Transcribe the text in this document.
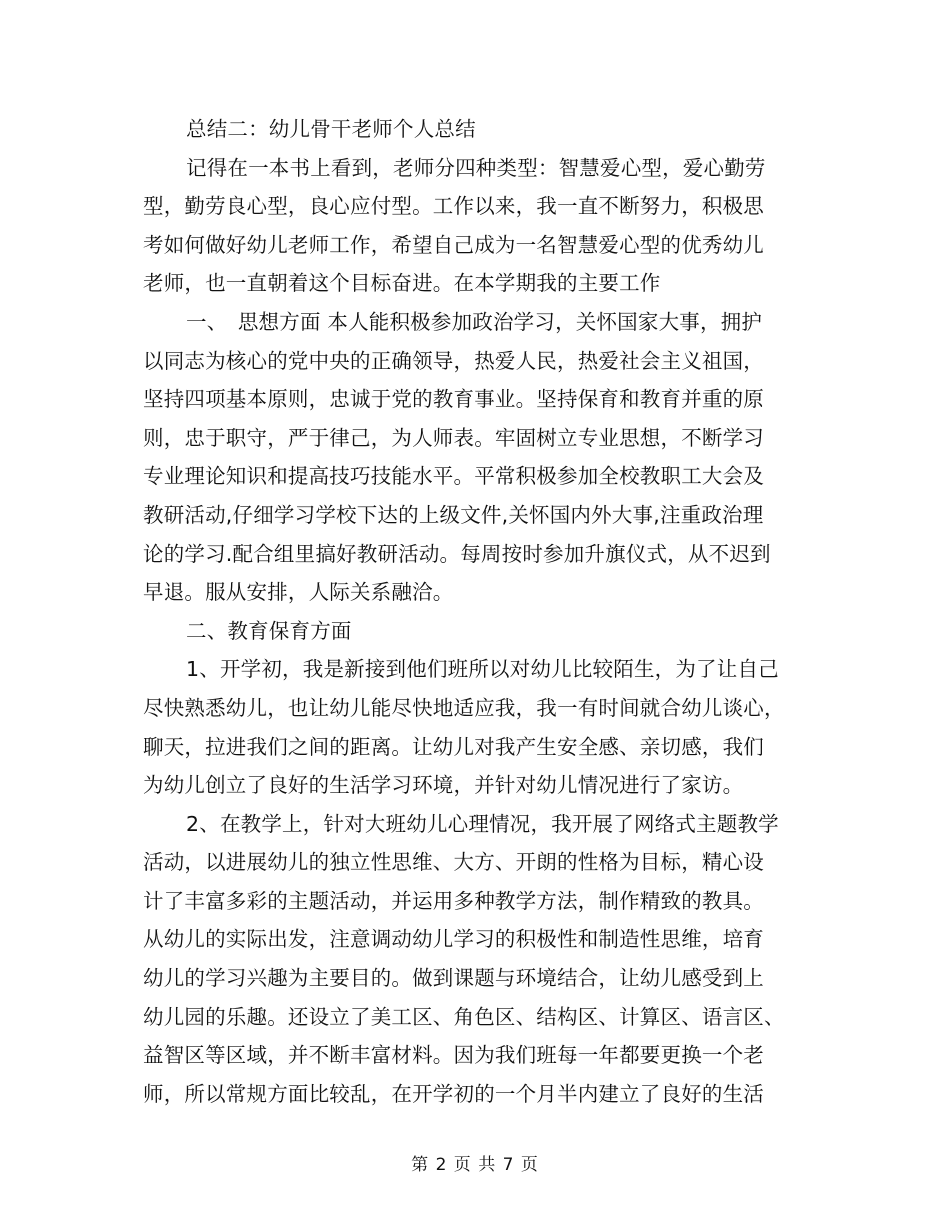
总结二：幼儿骨干老师个人总结

记得在一本书上看到，老师分四种类型：智慧爱心型，爱心勤劳

型，勤劳良心型，良心应付型。工作以来，我一直不断努力，积极思

考如何做好幼儿老师工作，希望自己成为一名智慧爱心型的优秀幼儿

老师，也一直朝着这个目标奋进。在本学期我的主要工作

一、　思想方面 本人能积极参加政治学习，关怀国家大事，拥护

以同志为核心的党中央的正确领导，热爱人民，热爱社会主义祖国，

坚持四项基本原则，忠诚于党的教育事业。坚持保育和教育并重的原

则，忠于职守，严于律己，为人师表。牢固树立专业思想，不断学习

专业理论知识和提高技巧技能水平。平常积极参加全校教职工大会及

教研活动,仔细学习学校下达的上级文件,关怀国内外大事,注重政治理

论的学习.配合组里搞好教研活动。每周按时参加升旗仪式，从不迟到

早退。服从安排，人际关系融洽。

二、教育保育方面

1、开学初，我是新接到他们班所以对幼儿比较陌生，为了让自己

尽快熟悉幼儿，也让幼儿能尽快地适应我，我一有时间就合幼儿谈心，

聊天，拉进我们之间的距离。让幼儿对我产生安全感、亲切感，我们

为幼儿创立了良好的生活学习环境，并针对幼儿情况进行了家访。

2、在教学上，针对大班幼儿心理情况，我开展了网络式主题教学

活动，以进展幼儿的独立性思维、大方、开朗的性格为目标，精心设

计了丰富多彩的主题活动，并运用多种教学方法，制作精致的教具。

从幼儿的实际出发，注意调动幼儿学习的积极性和制造性思维，培育

幼儿的学习兴趣为主要目的。做到课题与环境结合，让幼儿感受到上

幼儿园的乐趣。还设立了美工区、角色区、结构区、计算区、语言区、

益智区等区域，并不断丰富材料。因为我们班每一年都要更换一个老

师，所以常规方面比较乱，在开学初的一个月半内建立了良好的生活

第 2 页 共 7 页
